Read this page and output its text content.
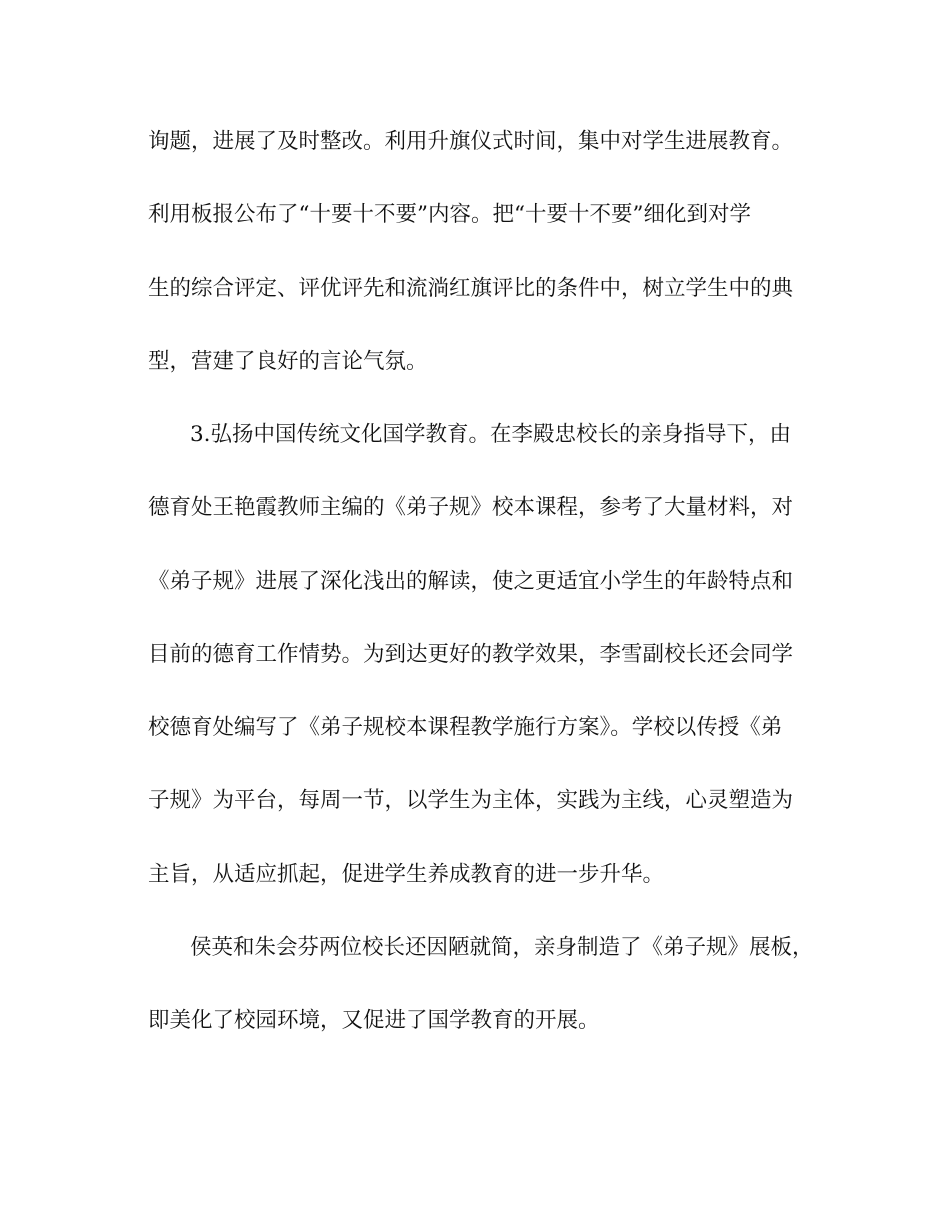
询题，进展了及时整改。利用升旗仪式时间，集中对学生进展教育。
利用板报公布了“十要十不要”内容。把“十要十不要”细化到对学
生的综合评定、评优评先和流淌红旗评比的条件中，树立学生中的典
型，营建了良好的言论气氛。
3.弘扬中国传统文化国学教育。在李殿忠校长的亲身指导下，由
德育处王艳霞教师主编的《弟子规》校本课程，参考了大量材料，对
《弟子规》进展了深化浅出的解读，使之更适宜小学生的年龄特点和
目前的德育工作情势。为到达更好的教学效果，李雪副校长还会同学
校德育处编写了《弟子规校本课程教学施行方案》。学校以传授《弟
子规》为平台，每周一节，以学生为主体，实践为主线，心灵塑造为
主旨，从适应抓起，促进学生养成教育的进一步升华。
侯英和朱会芬两位校长还因陋就简，亲身制造了《弟子规》展板，
即美化了校园环境，又促进了国学教育的开展。
